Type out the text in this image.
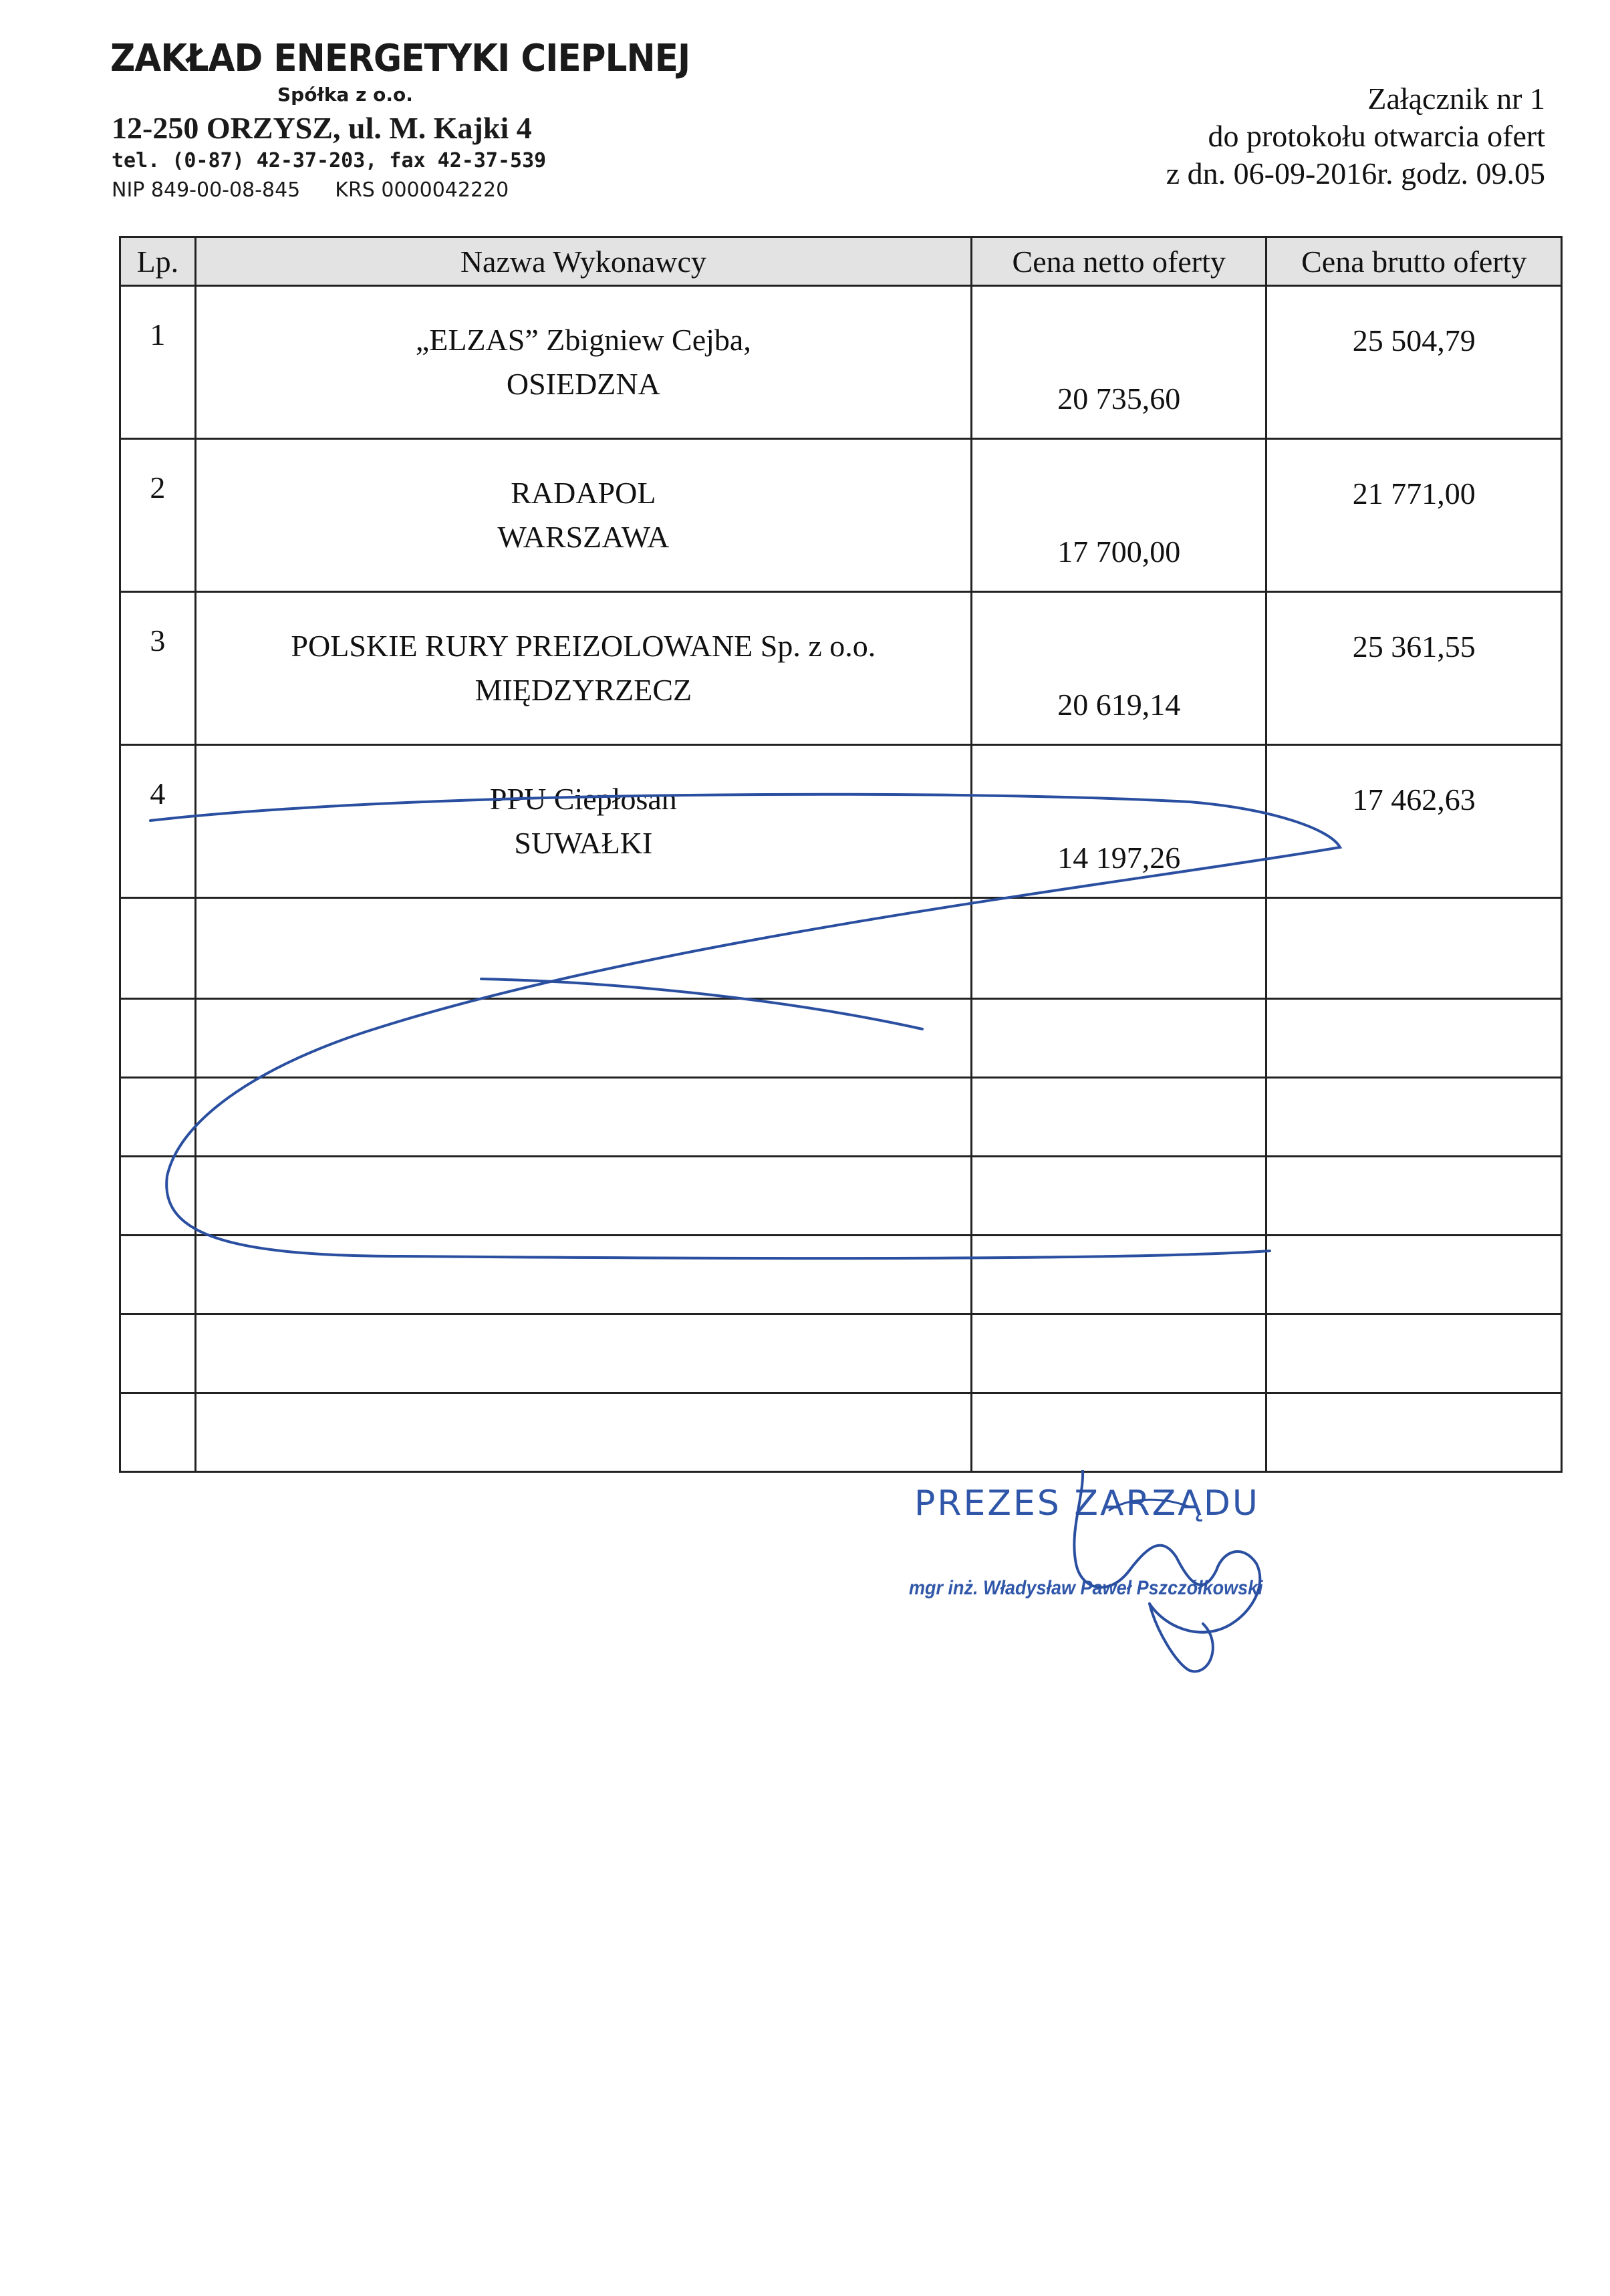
ZAKŁAD ENERGETYKI CIEPLNEJ
Spółka z o.o.
12-250 ORZYSZ, ul. M. Kajki 4
tel. (0-87) 42-37-203, fax 42-37-539
NIP 849-00-08-845 KRS 0000042220
Załącznik nr 1
do protokołu otwarcia ofert
z dn. 06-09-2016r. godz. 09.05
Lp.	Nazwa Wykonawcy	Cena netto oferty	Cena brutto oferty
1	„ELZAS” Zbigniew Cejba,
OSIEDZNA	20 735,60	25 504,79
2	RADAPOL
WARSZAWA	17 700,00	21 771,00
3	POLSKIE RURY PREIZOLOWANE Sp. z o.o.
MIĘDZYRZECZ	20 619,14	25 361,55
4	PPU Ciepłosan
SUWAŁKI	14 197,26	17 462,63

PREZES ZARZĄDU
mgr inż. Władysław Paweł Pszczółkowski
